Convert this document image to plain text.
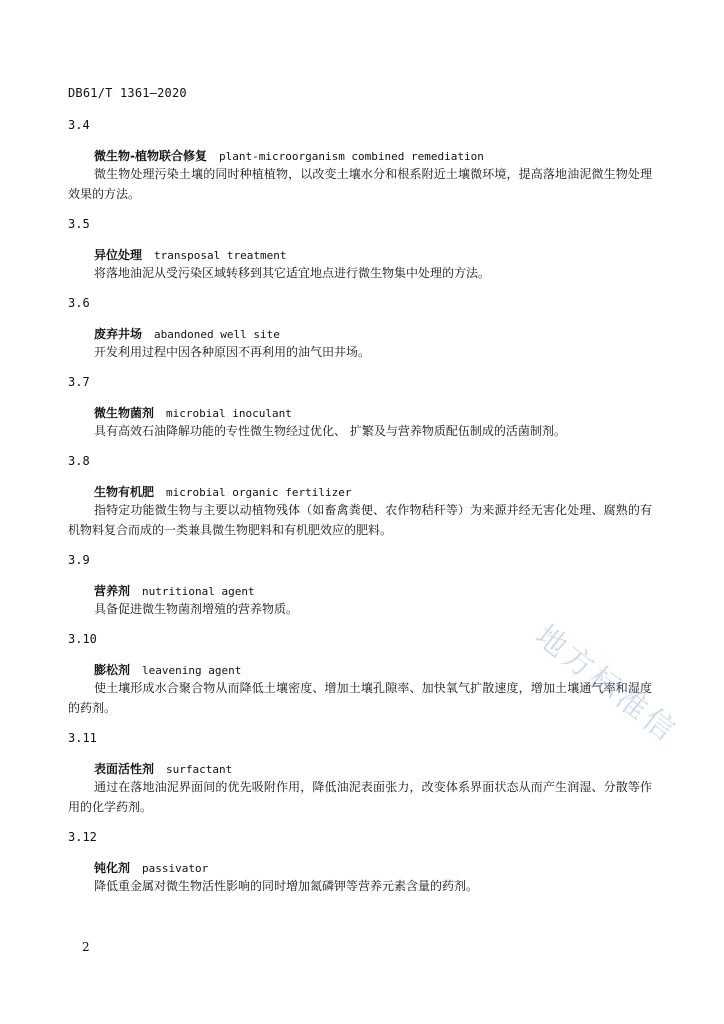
DB61/T 1361—2020
3.4
微生物-植物联合修复 plant-microorganism combined remediation

微生物处理污染土壤的同时种植植物，以改变土壤水分和根系附近土壤微环境，提高落地油泥微生物处理效果的方法。

3.5
异位处理 transposal treatment

将落地油泥从受污染区域转移到其它适宜地点进行微生物集中处理的方法。

3.6
废弃井场 abandoned well site

开发利用过程中因各种原因不再利用的油气田井场。

3.7
微生物菌剂 microbial inoculant

具有高效石油降解功能的专性微生物经过优化、 扩繁及与营养物质配伍制成的活菌制剂。

3.8
生物有机肥 microbial organic fertilizer

指特定功能微生物与主要以动植物残体（如畜禽粪便、农作物秸秆等）为来源并经无害化处理、腐熟的有机物料复合而成的一类兼具微生物肥料和有机肥效应的肥料。

3.9
营养剂 nutritional agent

具备促进微生物菌剂增殖的营养物质。

3.10
膨松剂 leavening agent

使土壤形成水合聚合物从而降低土壤密度、增加土壤孔隙率、加快氧气扩散速度，增加土壤通气率和湿度的药剂。

3.11
表面活性剂 surfactant

通过在落地油泥界面间的优先吸附作用，降低油泥表面张力，改变体系界面状态从而产生润湿、分散等作用的化学药剂。

3.12
钝化剂 passivator

降低重金属对微生物活性影响的同时增加氮磷钾等营养元素含量的药剂。

地方标准信
2
